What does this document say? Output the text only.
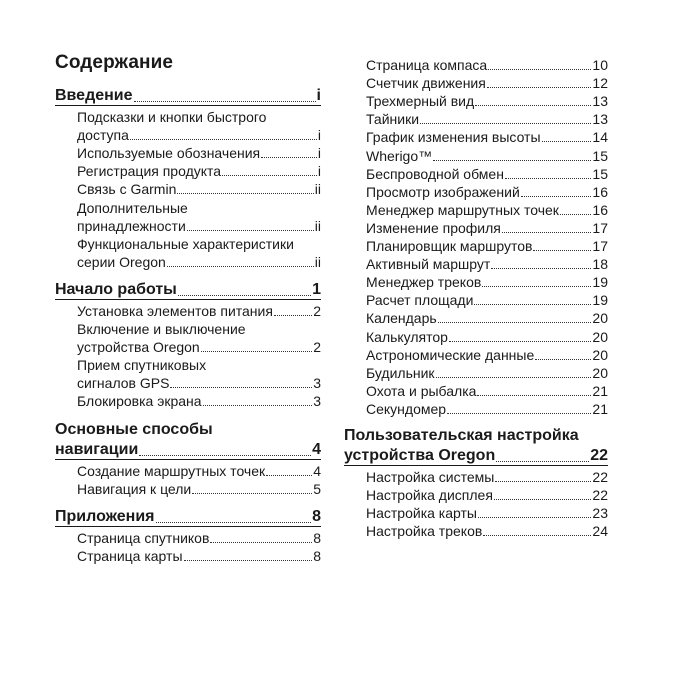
Содержание
Введение	i
Подсказки и кнопки быстрого
доступа	i
Используемые обозначения	i
Регистрация продукта	i
Связь с Garmin	ii
Дополнительные
принадлежности	ii
Функциональные характеристики
серии Oregon	ii
Начало работы	1
Установка элементов питания	2
Включение и выключение
устройства Oregon	2
Прием спутниковых
сигналов GPS	3
Блокировка экрана	3
Основные способы
навигации	4
Создание маршрутных точек	4
Навигация к цели	5
Приложения	8
Страница спутников	8
Страница карты	8
Страница компаса	10
Счетчик движения	12
Трехмерный вид	13
Тайники	13
График изменения высоты	14
Wherigo™	15
Беспроводной обмен	15
Просмотр изображений	16
Менеджер маршрутных точек 16
Изменение профиля	17
Планировщик маршрутов	17
Активный маршрут	18
Менеджер треков	19
Расчет площади	19
Календарь	20
Калькулятор	20
Астрономические данные	20
Будильник	20
Охота и рыбалка	21
Секундомер	21
Пользовательская настройка
устройства Oregon	22
Настройка системы	22
Настройка дисплея	22
Настройка карты	23
Настройка треков	24
